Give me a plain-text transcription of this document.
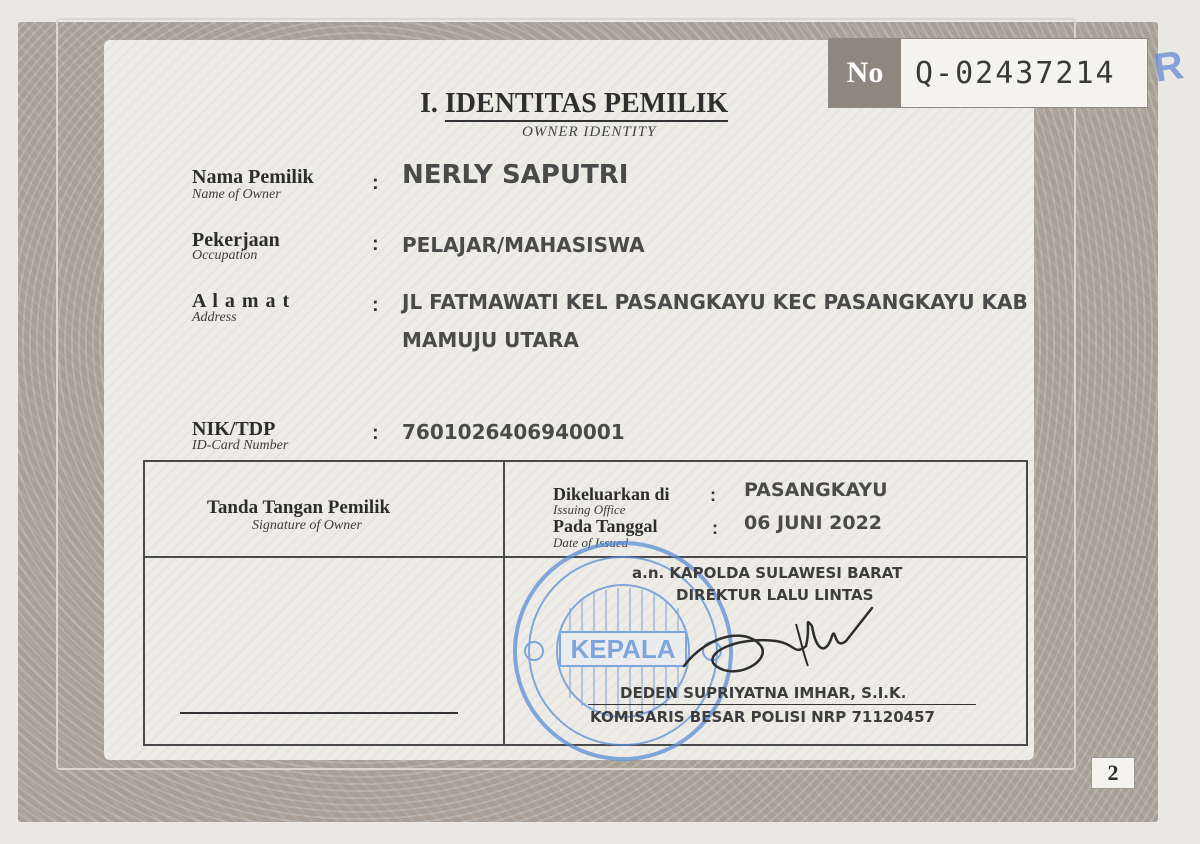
No	Q-02437214 R
I. IDENTITAS PEMILIK
OWNER IDENTITY
Nama Pemilik
Name of Owner
: NERLY SAPUTRI
Pekerjaan
Occupation
: PELAJAR/MAHASISWA
A l a m a t
Address
: JL FATMAWATI KEL PASANGKAYU KEC PASANGKAYU KAB
MAMUJU UTARA
NIK/TDP
ID-Card Number
: 7601026406940001
Tanda Tangan Pemilik
Signature of Owner
Dikeluarkan di
Issuing Office
: PASANGKAYU
Pada Tanggal
Date of Issued
: 06 JUNI 2022
KEPALA
a.n. KAPOLDA SULAWESI BARAT
DIREKTUR LALU LINTAS
DEDEN SUPRIYATNA IMHAR, S.I.K.
KOMISARIS BESAR POLISI NRP 71120457
2
